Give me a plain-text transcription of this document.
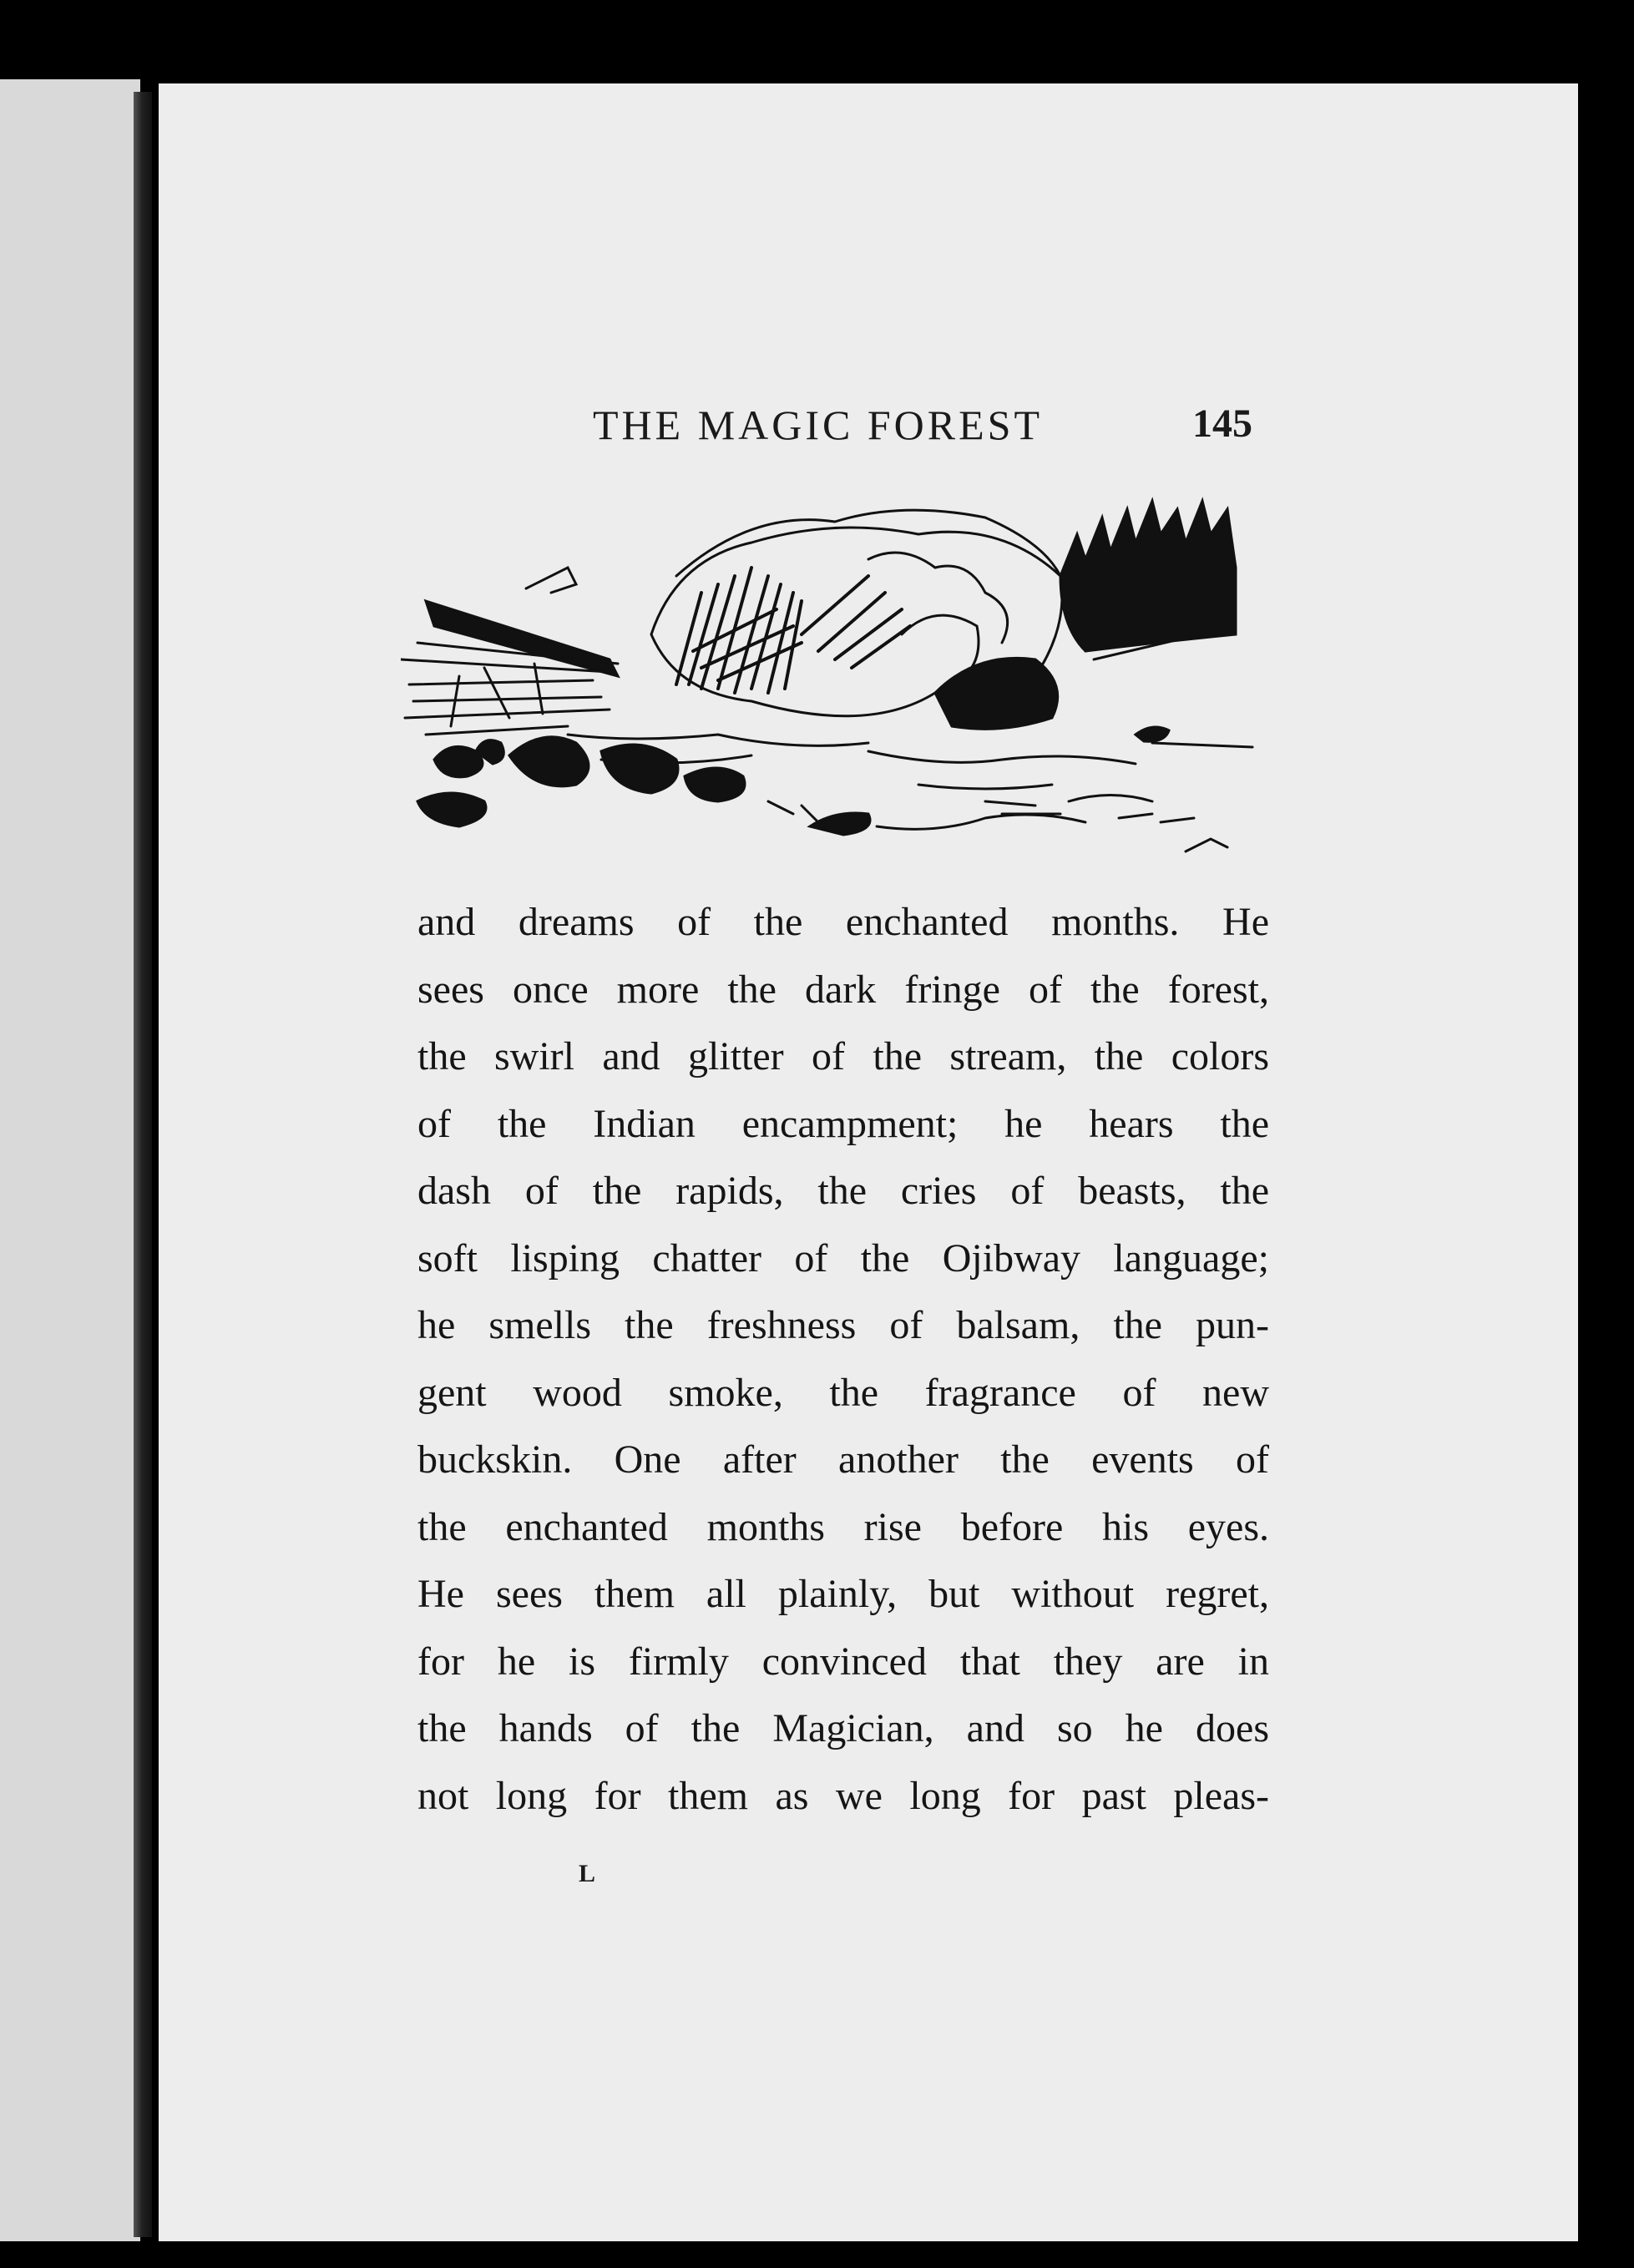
THE MAGIC FOREST	145
and dreams of the enchanted months. He
sees once more the dark fringe of the forest,
the swirl and glitter of the stream, the colors
of the Indian encampment; he hears the
dash of the rapids, the cries of beasts, the
soft lisping chatter of the Ojibway language;
he smells the freshness of balsam, the pun-
gent wood smoke, the fragrance of new
buckskin. One after another the events of
the enchanted months rise before his eyes.
He sees them all plainly, but without regret,
for he is firmly convinced that they are in
the hands of the Magician, and so he does
not long for them as we long for past pleas-
L
